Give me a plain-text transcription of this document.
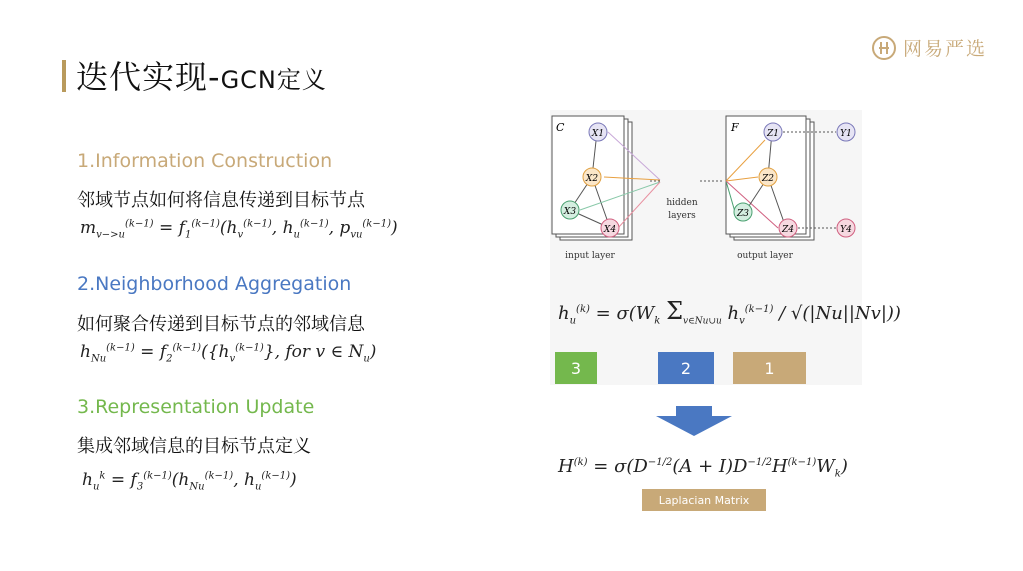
迭代实现-GCN定义
网易严选
1.Information Construction
邻域节点如何将信息传递到目标节点
$m_{v->u}^{(k-1)} = f_1^{(k-1)}(h_v^{(k-1)}$, $h_u^{(k-1)}$, $p_{vu}^{(k-1)}$)
2.Neighborhood Aggregation
如何聚合传递到目标节点的邻域信息
$h_{Nu}^{(k-1)} = f_2^{(k-1)}(\{h_v^{(k-1)}\}$, for v ∈ $N_u$)
3.Representation Update
集成邻域信息的目标节点定义
$h_u^k = f_3^{(k-1)}(h_{Nu}^{(k-1)}$, $h_u^{(k-1)}$)
C	X1
X2
X3
X4
hidden
layers
F	Z1
Z2
Z3
Z4
Y1
Y4
input layer	output layer
$h_u^{(k)} = \sigma(W_k$ $\Sigma_{v\in Nu\cup u}$ $h_v^{(k-1)} / √(|Nu||Nv|)$)
3	2	1
$H^{(k)} = \sigma(D^{-1/2}(A + I)D^{-1/2}H^{(k-1)}W_k)$
Laplacian Matrix
